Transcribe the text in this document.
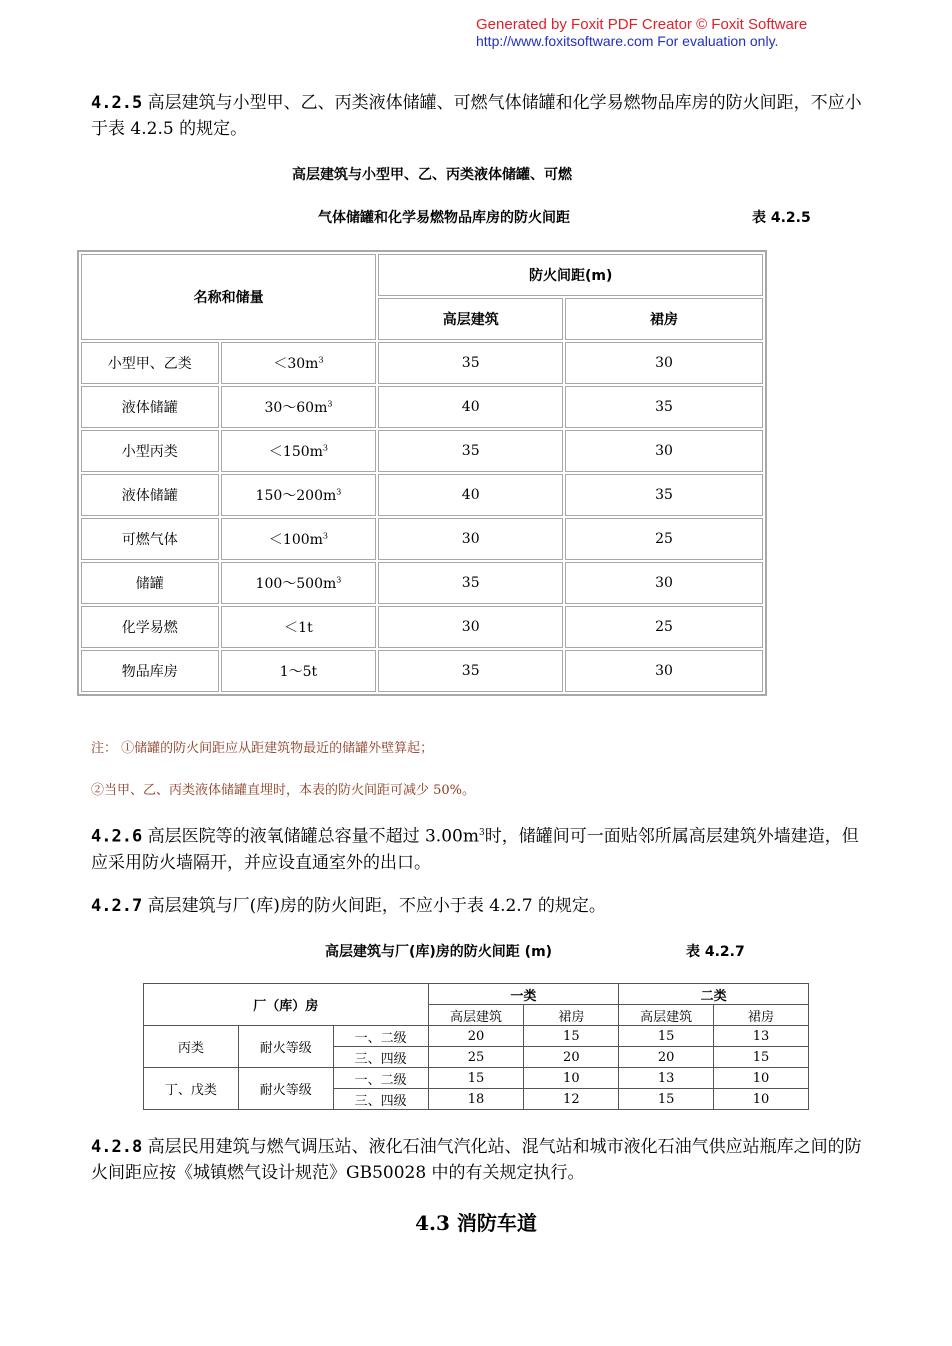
Generated by Foxit PDF Creator © Foxit Software
http://www.foxitsoftware.com For evaluation only.
4.2.5 高层建筑与小型甲、乙、丙类液体储罐、可燃气体储罐和化学易燃物品库房的防火间距，不应小于表 4.2.5 的规定。
高层建筑与小型甲、乙、丙类液体储罐、可燃
气体储罐和化学易燃物品库房的防火间距	表 4.2.5
名称和储量		防火间距(m)	
		高层建筑	裙房
小型甲、乙类	$<30m^3$	35	30
液体储罐	$30\sim 60m^3$	40	35
小型丙类	$<150m^3$	35	30
液体储罐	$150\sim 200m^3$	40	35
可燃气体	$<100m^3$	30	25
储罐	$100\sim 500m^3$	35	30
化学易燃	＜1t	30	25
物品库房	1～5t	35	30
注： ①储罐的防火间距应从距建筑物最近的储罐外壁算起；
②当甲、乙、丙类液体储罐直埋时，本表的防火间距可减少 50%。
4.2.6 高层医院等的液氧储罐总容量不超过 $3.00m^3$时，储罐间可一面贴邻所属高层建筑外墙建造，但应采用防火墙隔开，并应设直通室外的出口。
4.2.7 高层建筑与厂(库)房的防火间距，不应小于表 4.2.7 的规定。
高层建筑与厂(库)房的防火间距 (m)	表 4.2.7
厂（库）房			一类		二类	
			高层建筑	裙房	高层建筑	裙房
丙类	耐火等级	一、二级	20	15	15	13
		三、四级	25	20	20	15
丁、戊类	耐火等级	一、二级	15	10	13	10
		三、四级	18	12	15	10
4.2.8 高层民用建筑与燃气调压站、液化石油气汽化站、混气站和城市液化石油气供应站瓶库之间的防火间距应按《城镇燃气设计规范》GB50028 中的有关规定执行。
4.3 消防车道
